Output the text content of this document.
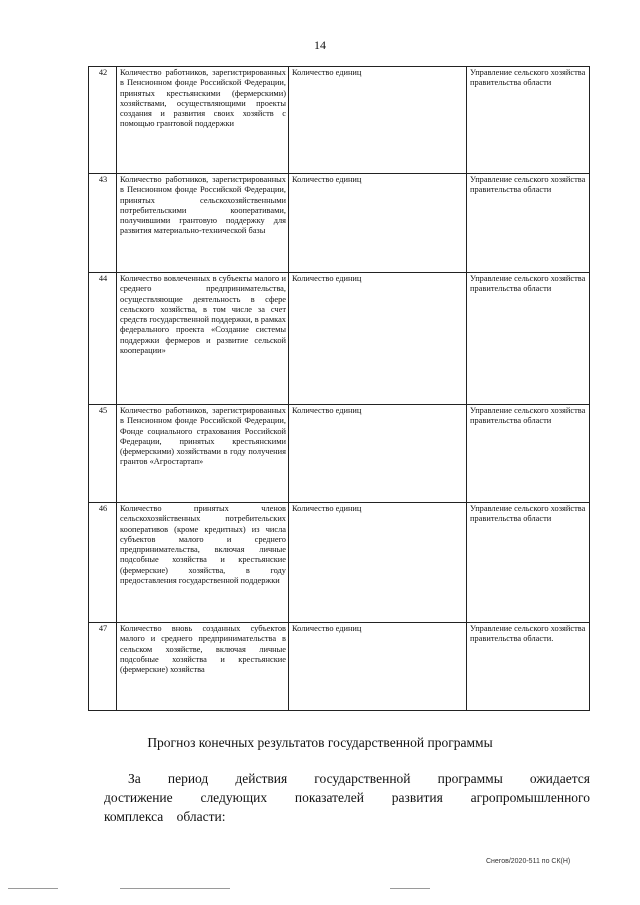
14
42	Количество работников, зарегистрированных в Пенсионном фонде Российской Федерации, принятых крестьянскими (фермерскими) хозяйствами, осуществляющими проекты создания и развития своих хозяйств с помощью грантовой поддержки	Количество единиц	Управление сельского хозяйства правительства области
43	Количество работников, зарегистрированных в Пенсионном фонде Российской Федерации, принятых сельскохозяйственными потребительскими кооперативами, получившими грантовую поддержку для развития материально-технической базы	Количество единиц	Управление сельского хозяйства правительства области
44	Количество вовлеченных в субъекты малого и среднего предпринимательства, осуществляющие деятельность в сфере сельского хозяйства, в том числе за счет средств государственной поддержки, в рамках федерального проекта «Создание системы поддержки фермеров и развитие сельской кооперации»	Количество единиц	Управление сельского хозяйства правительства области
45	Количество работников, зарегистрированных в Пенсионном фонде Российской Федерации, Фонде социального страхования Российской Федерации, принятых крестьянскими (фермерскими) хозяйствами в году получения грантов «Агростартап»	Количество единиц	Управление сельского хозяйства правительства области
46	Количество принятых членов сельскохозяйственных потребительских кооперативов (кроме кредитных) из числа субъектов малого и среднего предпринимательства, включая личные подсобные хозяйства и крестьянские (фермерские) хозяйства, в году предоставления государственной поддержки	Количество единиц	Управление сельского хозяйства правительства области
47	Количество вновь созданных субъектов малого и среднего предпринимательства в сельском хозяйстве, включая личные подсобные хозяйства и крестьянские (фермерские) хозяйства	Количество единиц	Управление сельского хозяйства правительства области.
Прогноз конечных результатов государственной программы
За период действия государственной программы ожидается достижение следующих показателей развития агропромышленного комплекса области:
Снегов/2020-511 по СК(Н)
